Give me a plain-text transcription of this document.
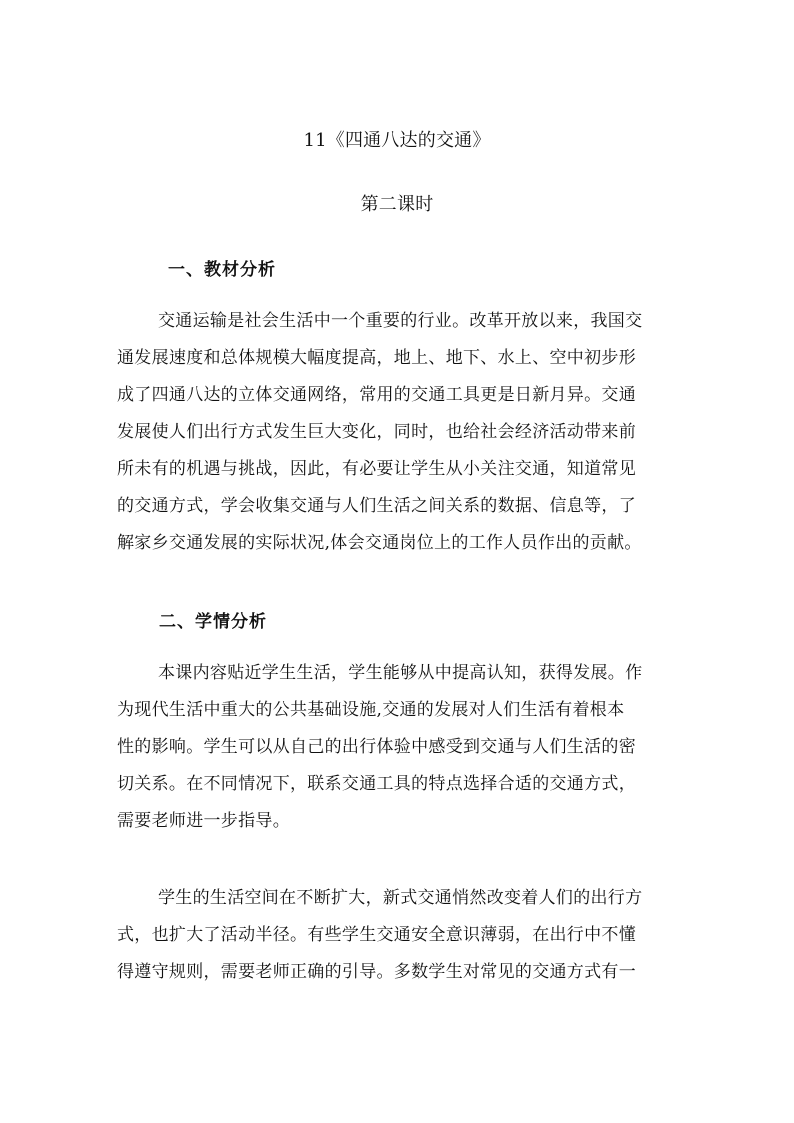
11《四通八达的交通》
第二课时
一、教材分析
交通运输是社会生活中一个重要的行业。改革开放以来，我国交
通发展速度和总体规模大幅度提高，地上、地下、水上、空中初步形
成了四通八达的立体交通网络，常用的交通工具更是日新月异。交通
发展使人们出行方式发生巨大变化，同时，也给社会经济活动带来前
所未有的机遇与挑战，因此，有必要让学生从小关注交通，知道常见
的交通方式，学会收集交通与人们生活之间关系的数据、信息等，了
解家乡交通发展的实际状况,体会交通岗位上的工作人员作出的贡献。
二、学情分析
本课内容贴近学生生活，学生能够从中提高认知，获得发展。作
为现代生活中重大的公共基础设施,交通的发展对人们生活有着根本
性的影响。学生可以从自己的出行体验中感受到交通与人们生活的密
切关系。在不同情况下，联系交通工具的特点选择合适的交通方式，
需要老师进一步指导。
学生的生活空间在不断扩大，新式交通悄然改变着人们的出行方
式，也扩大了活动半径。有些学生交通安全意识薄弱，在出行中不懂
得遵守规则，需要老师正确的引导。多数学生对常见的交通方式有一
